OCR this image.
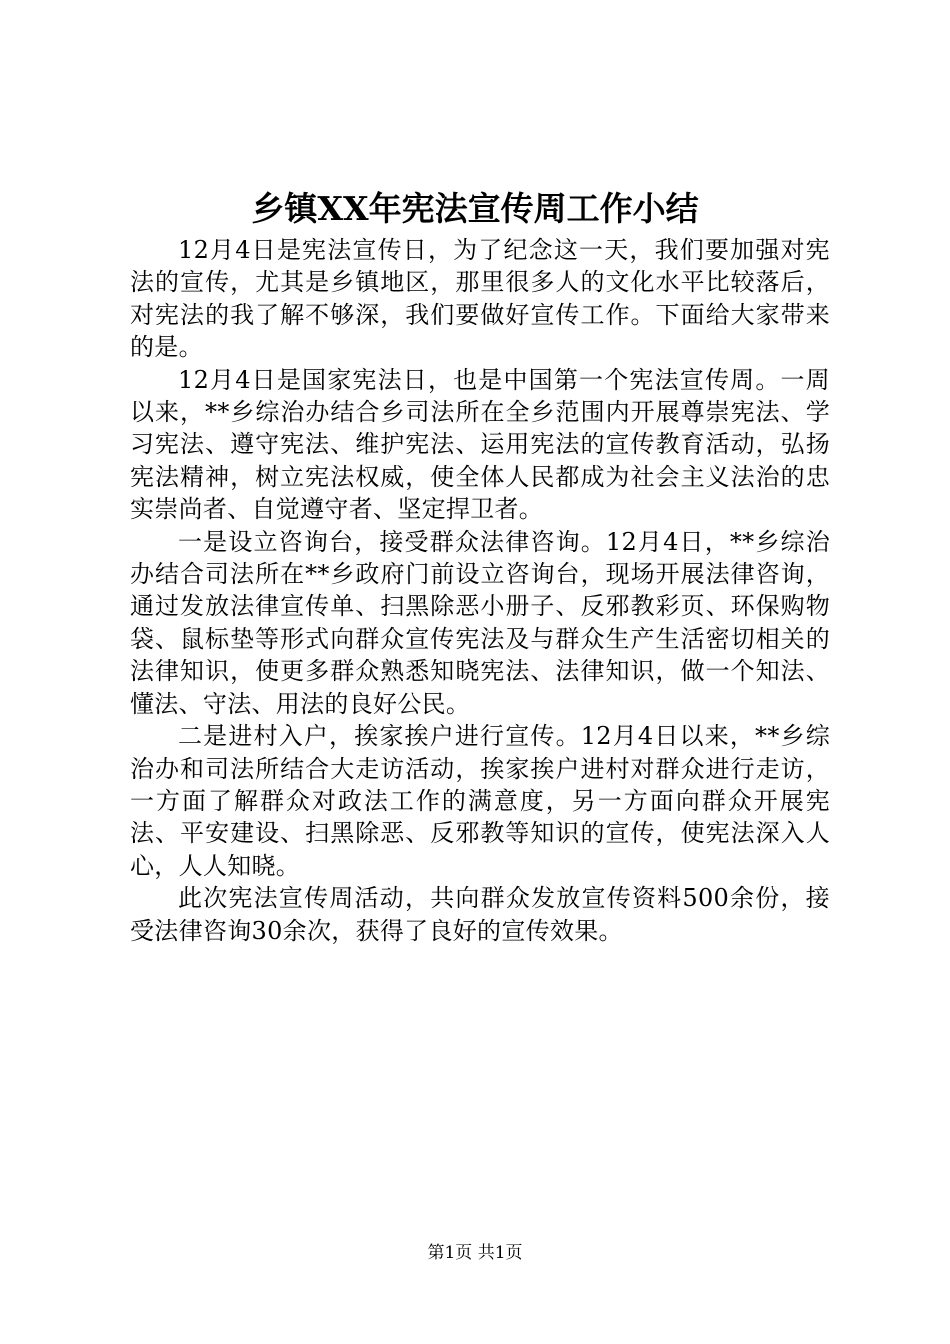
乡镇XX年宪法宣传周工作小结

12月4日是宪法宣传日，为了纪念这一天，我们要加强对宪法的宣传，尤其是乡镇地区，那里很多人的文化水平比较落后，对宪法的我了解不够深，我们要做好宣传工作。下面给大家带来的是。

12月4日是国家宪法日，也是中国第一个宪法宣传周。一周以来，**乡综治办结合乡司法所在全乡范围内开展尊崇宪法、学习宪法、遵守宪法、维护宪法、运用宪法的宣传教育活动，弘扬宪法精神，树立宪法权威，使全体人民都成为社会主义法治的忠实崇尚者、自觉遵守者、坚定捍卫者。

一是设立咨询台，接受群众法律咨询。12月4日，**乡综治办结合司法所在**乡政府门前设立咨询台，现场开展法律咨询，通过发放法律宣传单、扫黑除恶小册子、反邪教彩页、环保购物袋、鼠标垫等形式向群众宣传宪法及与群众生产生活密切相关的法律知识，使更多群众熟悉知晓宪法、法律知识，做一个知法、懂法、守法、用法的良好公民。

二是进村入户，挨家挨户进行宣传。12月4日以来，**乡综治办和司法所结合大走访活动，挨家挨户进村对群众进行走访，一方面了解群众对政法工作的满意度，另一方面向群众开展宪法、平安建设、扫黑除恶、反邪教等知识的宣传，使宪法深入人心，人人知晓。

此次宪法宣传周活动，共向群众发放宣传资料500余份，接受法律咨询30余次，获得了良好的宣传效果。

第1页 共1页
